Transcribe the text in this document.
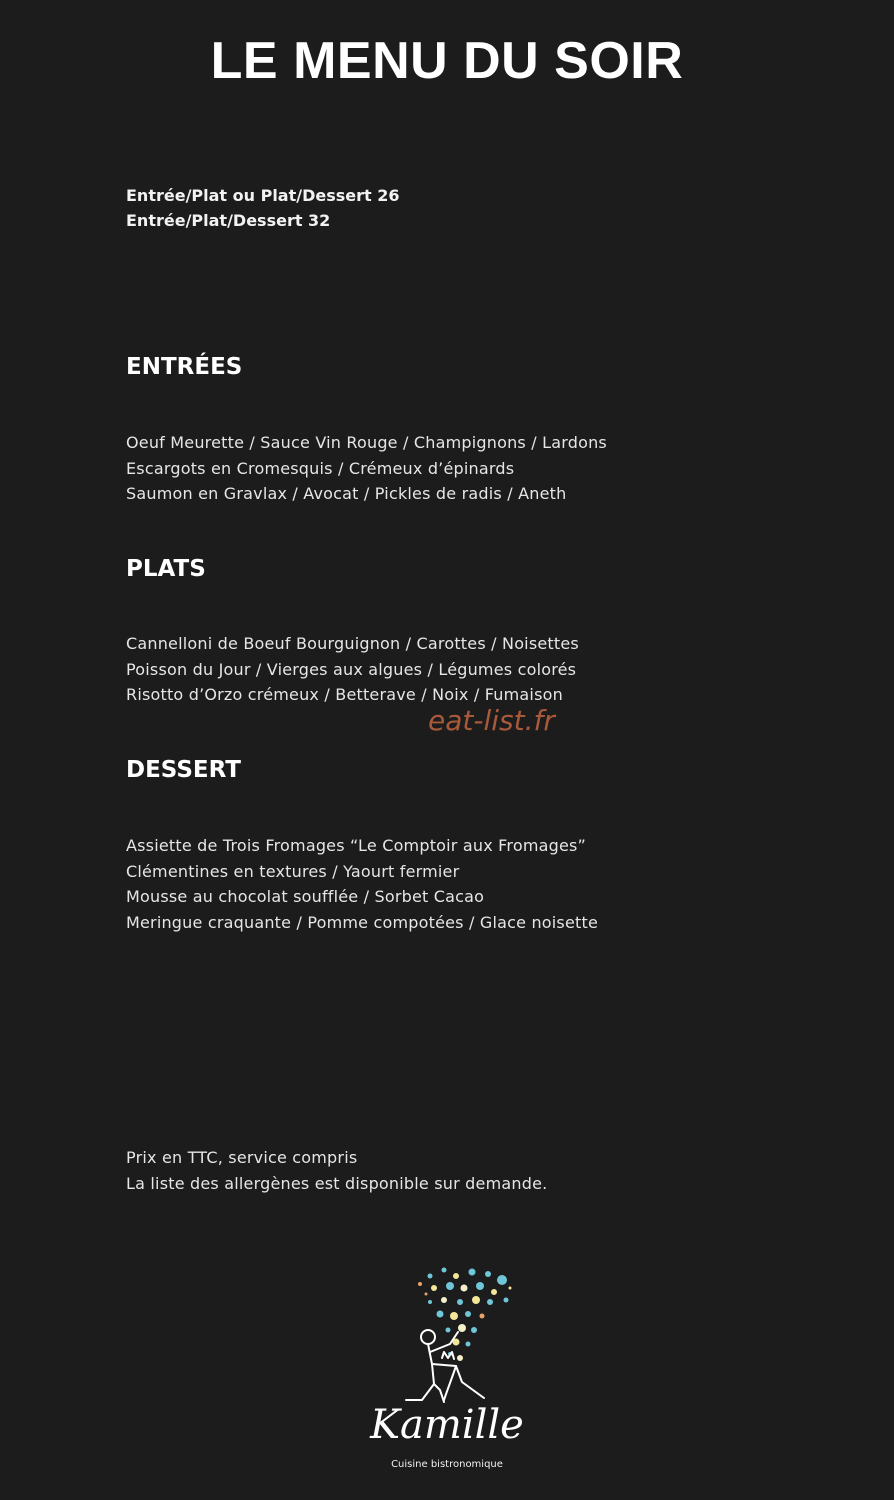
LE MENU DU SOIR
Entrée/Plat ou Plat/Dessert 26
Entrée/Plat/Dessert 32
ENTRÉES
Oeuf Meurette / Sauce Vin Rouge / Champignons / Lardons
Escargots en Cromesquis / Crémeux d’épinards
Saumon en Gravlax / Avocat / Pickles de radis / Aneth
PLATS
Cannelloni de Boeuf Bourguignon / Carottes / Noisettes
Poisson du Jour / Vierges aux algues / Légumes colorés
Risotto d’Orzo crémeux / Betterave / Noix / Fumaison
eat-list.fr
DESSERT
Assiette de Trois Fromages “Le Comptoir aux Fromages”
Clémentines en textures / Yaourt fermier
Mousse au chocolat soufflée / Sorbet Cacao
Meringue craquante / Pomme compotées / Glace noisette
Prix en TTC, service compris
La liste des allergènes est disponible sur demande.
Kamille
Cuisine bistronomique
